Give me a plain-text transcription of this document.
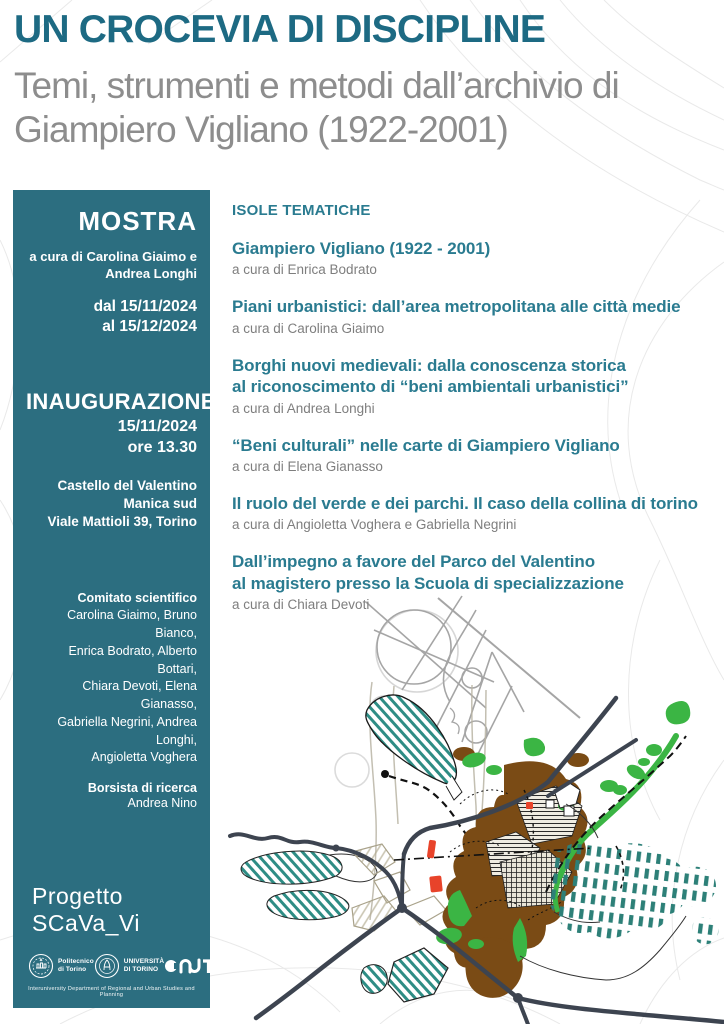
UN CROCEVIA DI DISCIPLINE
Temi, strumenti e metodi dall’archivio di
Giampiero Vigliano (1922-2001)
MOSTRA
a cura di Carolina Giaimo e
Andrea Longhi
dal 15/11/2024
al 15/12/2024
INAUGURAZIONE
15/11/2024
ore 13.30
Castello del Valentino
Manica sud
Viale Mattioli 39, Torino
Comitato scientifico
Carolina Giaimo, Bruno Bianco,
Enrica Bodrato, Alberto Bottari,
Chiara Devoti, Elena Gianasso,
Gabriella Negrini, Andrea Longhi,
Angioletta Voghera
Borsista di ricerca
Andrea Nino
Progetto SCaVa_Vi
Politecnico
di Torino
UNIVERSITÀ
DI TORINO
Interuniversity Department of Regional and Urban Studies and Planning
ISOLE TEMATICHE
Giampiero Vigliano (1922 - 2001)
a cura di Enrica Bodrato
Piani urbanistici: dall’area metropolitana alle città medie
a cura di Carolina Giaimo
Borghi nuovi medievali: dalla conoscenza storica
al riconoscimento di “beni ambientali urbanistici”
a cura di Andrea Longhi
“Beni culturali” nelle carte di Giampiero Vigliano
a cura di Elena Gianasso
Il ruolo del verde e dei parchi. Il caso della collina di torino
a cura di Angioletta Voghera e Gabriella Negrini
Dall’impegno a favore del Parco del Valentino
al magistero presso la Scuola di specializzazione
a cura di Chiara Devoti
